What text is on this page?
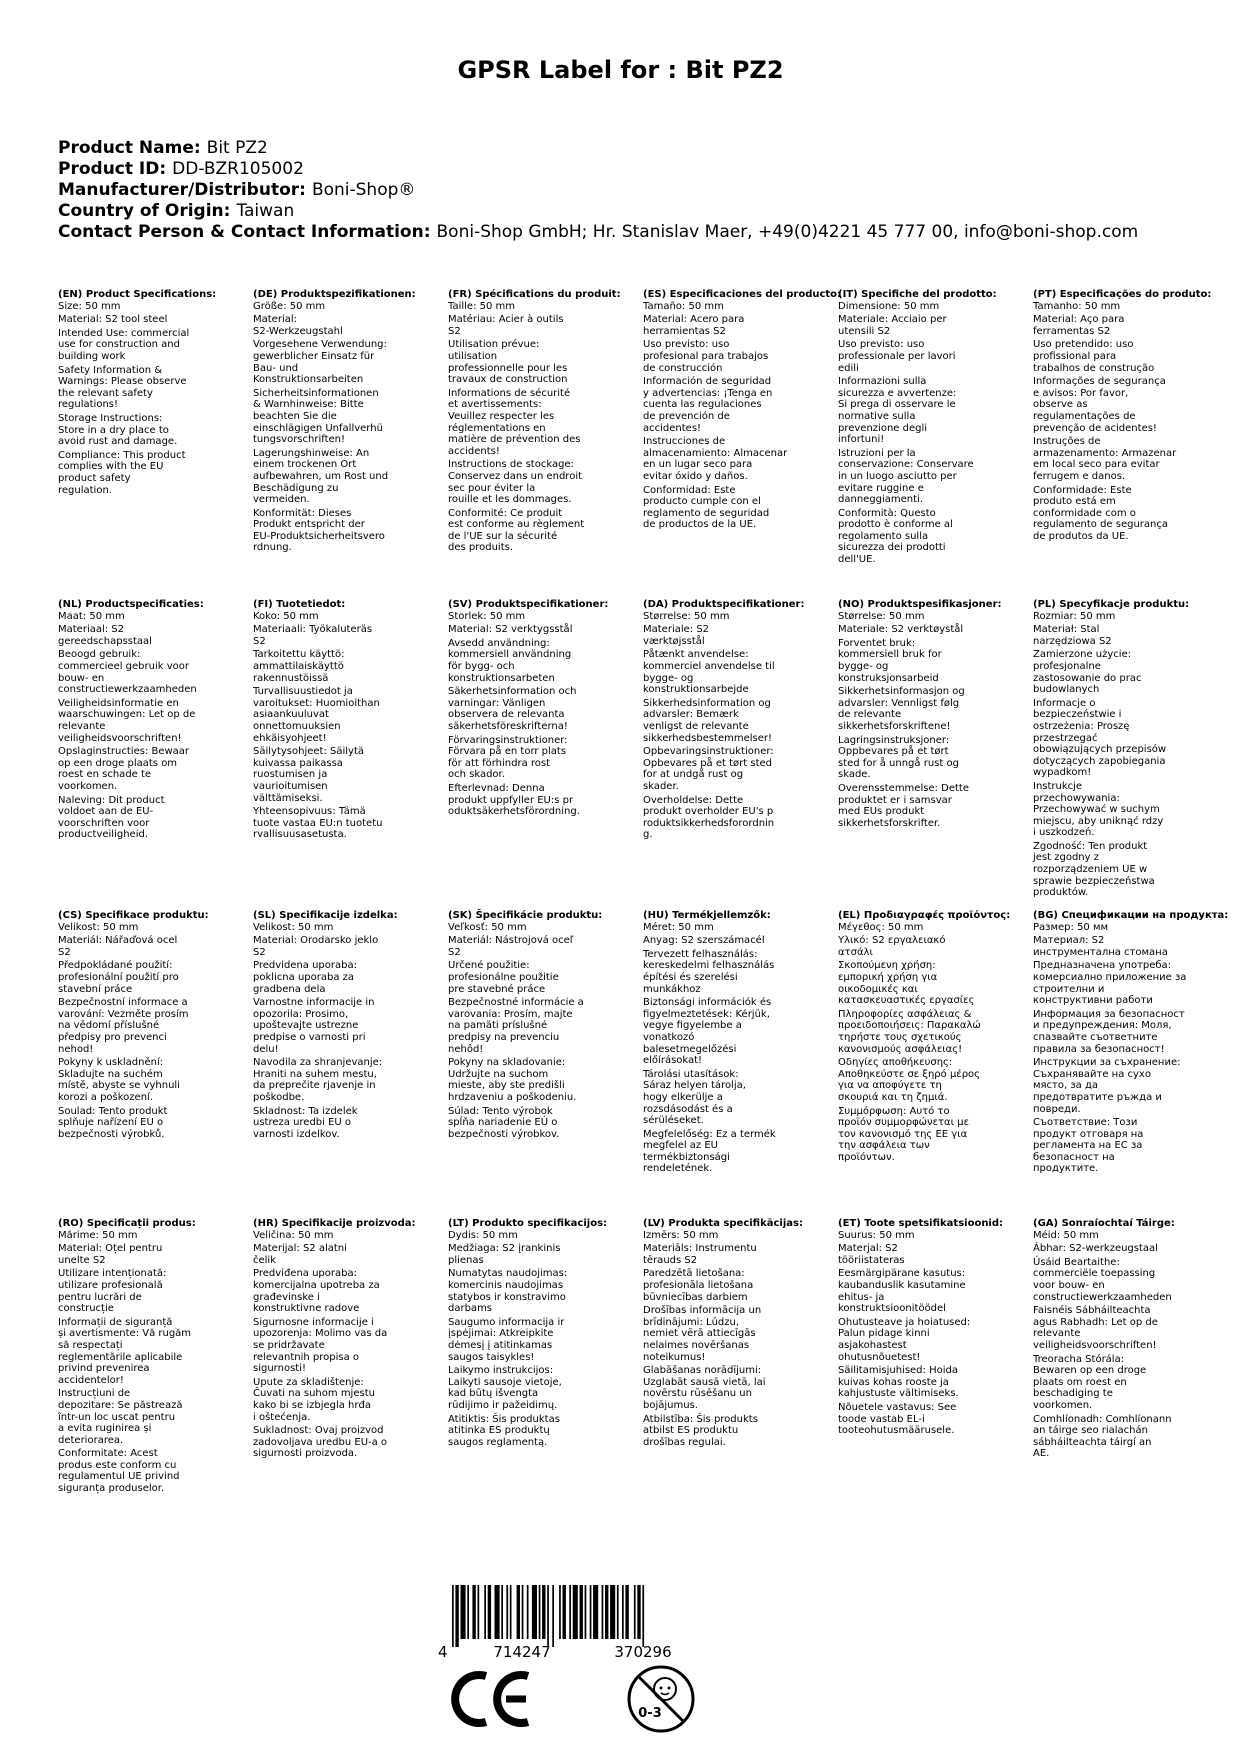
GPSR Label for : Bit PZ2
Product Name: Bit PZ2
Product ID: DD-BZR105002
Manufacturer/Distributor: Boni-Shop®
Country of Origin: Taiwan
Contact Person & Contact Information: Boni-Shop GmbH; Hr. Stanislav Maer, +49(0)4221 45 777 00, info@boni-shop.com
(EN) Product Specifications:
Size: 50 mm
Material: S2 tool steel
Intended Use: commercial
use for construction and
building work
Safety Information &
Warnings: Please observe
the relevant safety
regulations!
Storage Instructions:
Store in a dry place to
avoid rust and damage.
Compliance: This product
complies with the EU
product safety
regulation.
(DE) Produktspezifikationen:
Größe: 50 mm
Material:
S2-Werkzeugstahl
Vorgesehene Verwendung:
gewerblicher Einsatz für
Bau- und
Konstruktionsarbeiten
Sicherheitsinformationen
& Warnhinweise: Bitte
beachten Sie die
einschlägigen Unfallverhü
tungsvorschriften!
Lagerungshinweise: An
einem trockenen Ort
aufbewahren, um Rost und
Beschädigung zu
vermeiden.
Konformität: Dieses
Produkt entspricht der
EU-Produktsicherheitsvero
rdnung.
(FR) Spécifications du produit:
Taille: 50 mm
Matériau: Acier à outils
S2
Utilisation prévue:
utilisation
professionnelle pour les
travaux de construction
Informations de sécurité
et avertissements:
Veuillez respecter les
réglementations en
matière de prévention des
accidents!
Instructions de stockage:
Conservez dans un endroit
sec pour éviter la
rouille et les dommages.
Conformité: Ce produit
est conforme au règlement
de l'UE sur la sécurité
des produits.
(ES) Especificaciones del producto:
Tamaño: 50 mm
Material: Acero para
herramientas S2
Uso previsto: uso
profesional para trabajos
de construcción
Información de seguridad
y advertencias: ¡Tenga en
cuenta las regulaciones
de prevención de
accidentes!
Instrucciones de
almacenamiento: Almacenar
en un lugar seco para
evitar óxido y daños.
Conformidad: Este
producto cumple con el
reglamento de seguridad
de productos de la UE.
(IT) Specifiche del prodotto:
Dimensione: 50 mm
Materiale: Acciaio per
utensili S2
Uso previsto: uso
professionale per lavori
edili
Informazioni sulla
sicurezza e avvertenze:
Si prega di osservare le
normative sulla
prevenzione degli
infortuni!
Istruzioni per la
conservazione: Conservare
in un luogo asciutto per
evitare ruggine e
danneggiamenti.
Conformità: Questo
prodotto è conforme al
regolamento sulla
sicurezza dei prodotti
dell'UE.
(PT) Especificações do produto:
Tamanho: 50 mm
Material: Aço para
ferramentas S2
Uso pretendido: uso
profissional para
trabalhos de construção
Informações de segurança
e avisos: Por favor,
observe as
regulamentações de
prevenção de acidentes!
Instruções de
armazenamento: Armazenar
em local seco para evitar
ferrugem e danos.
Conformidade: Este
produto está em
conformidade com o
regulamento de segurança
de produtos da UE.
(NL) Productspecificaties:
Maat: 50 mm
Materiaal: S2
gereedschapsstaal
Beoogd gebruik:
commercieel gebruik voor
bouw- en
constructiewerkzaamheden
Veiligheidsinformatie en
waarschuwingen: Let op de
relevante
veiligheidsvoorschriften!
Opslaginstructies: Bewaar
op een droge plaats om
roest en schade te
voorkomen.
Naleving: Dit product
voldoet aan de EU-
voorschriften voor
productveiligheid.
(FI) Tuotetiedot:
Koko: 50 mm
Materiaali: Työkaluteräs
S2
Tarkoitettu käyttö:
ammattilaiskäyttö
rakennustöissä
Turvallisuustiedot ja
varoitukset: Huomioithan
asiaankuuluvat
onnettomuuksien
ehkäisyohjeet!
Säilytysohjeet: Säilytä
kuivassa paikassa
ruostumisen ja
vaurioitumisen
välttämiseksi.
Yhteensopivuus: Tämä
tuote vastaa EU:n tuotetu
rvallisuusasetusta.
(SV) Produktspecifikationer:
Storlek: 50 mm
Material: S2 verktygsstål
Avsedd användning:
kommersiell användning
för bygg- och
konstruktionsarbeten
Säkerhetsinformation och
varningar: Vänligen
observera de relevanta
säkerhetsföreskrifterna!
Förvaringsinstruktioner:
Förvara på en torr plats
för att förhindra rost
och skador.
Efterlevnad: Denna
produkt uppfyller EU:s pr
oduktsäkerhetsförordning.
(DA) Produktspecifikationer:
Størrelse: 50 mm
Materiale: S2
værktøjsstål
Påtænkt anvendelse:
kommerciel anvendelse til
bygge- og
konstruktionsarbejde
Sikkerhedsinformation og
advarsler: Bemærk
venligst de relevante
sikkerhedsbestemmelser!
Opbevaringsinstruktioner:
Opbevares på et tørt sted
for at undgå rust og
skader.
Overholdelse: Dette
produkt overholder EU's p
roduktsikkerhedsforordnin
g.
(NO) Produktspesifikasjoner:
Størrelse: 50 mm
Materiale: S2 verktøystål
Forventet bruk:
kommersiell bruk for
bygge- og
konstruksjonsarbeid
Sikkerhetsinformasjon og
advarsler: Vennligst følg
de relevante
sikkerhetsforskriftene!
Lagringsinstruksjoner:
Oppbevares på et tørt
sted for å unngå rust og
skade.
Overensstemmelse: Dette
produktet er i samsvar
med EUs produkt
sikkerhetsforskrifter.
(PL) Specyfikacje produktu:
Rozmiar: 50 mm
Materiał: Stal
narzędziowa S2
Zamierzone użycie:
profesjonalne
zastosowanie do prac
budowlanych
Informacje o
bezpieczeństwie i
ostrzeżenia: Proszę
przestrzegać
obowiązujących przepisów
dotyczących zapobiegania
wypadkom!
Instrukcje
przechowywania:
Przechowywać w suchym
miejscu, aby uniknąć rdzy
i uszkodzeń.
Zgodność: Ten produkt
jest zgodny z
rozporządzeniem UE w
sprawie bezpieczeństwa
produktów.
(CS) Specifikace produktu:
Velikost: 50 mm
Materiál: Nářaďová ocel
S2
Předpokládané použití:
profesionální použití pro
stavební práce
Bezpečnostní informace a
varování: Vezměte prosím
na vědomí příslušné
předpisy pro prevenci
nehod!
Pokyny k uskladnění:
Skladujte na suchém
místě, abyste se vyhnuli
korozi a poškození.
Soulad: Tento produkt
splňuje nařízení EU o
bezpečnosti výrobků.
(SL) Specifikacije izdelka:
Velikost: 50 mm
Material: Orodarsko jeklo
S2
Predvidena uporaba:
poklicna uporaba za
gradbena dela
Varnostne informacije in
opozorila: Prosimo,
upoštevajte ustrezne
predpise o varnosti pri
delu!
Navodila za shranjevanje:
Hraniti na suhem mestu,
da preprečite rjavenje in
poškodbe.
Skladnost: Ta izdelek
ustreza uredbi EU o
varnosti izdelkov.
(SK) Špecifikácie produktu:
Veľkosť: 50 mm
Materiál: Nástrojová oceľ
S2
Určené použitie:
profesionálne použitie
pre stavebné práce
Bezpečnostné informácie a
varovania: Prosím, majte
na pamäti príslušné
predpisy na prevenciu
nehôd!
Pokyny na skladovanie:
Udržujte na suchom
mieste, aby ste predišli
hrdzaveniu a poškodeniu.
Súlad: Tento výrobok
spĺňa nariadenie EÚ o
bezpečnosti výrobkov.
(HU) Termékjellemzők:
Méret: 50 mm
Anyag: S2 szerszámacél
Tervezett felhasználás:
kereskedelmi felhasználás
építési és szerelési
munkákhoz
Biztonsági információk és
figyelmeztetések: Kérjük,
vegye figyelembe a
vonatkozó
balesetmegelőzési
előírásokat!
Tárolási utasítások:
Sáraz helyen tárolja,
hogy elkerülje a
rozsdásodást és a
sérüléseket.
Megfelelőség: Ez a termék
megfelel az EU
termékbiztonsági
rendeletének.
(EL) Προδιαγραφές προϊόντος:
Μέγεθος: 50 mm
Υλικό: S2 εργαλειακό
ατσάλι
Σκοπούμενη χρήση:
εμπορική χρήση για
οικοδομικές και
κατασκευαστικές εργασίες
Πληροφορίες ασφάλειας &
προειδοποιήσεις: Παρακαλώ
τηρήστε τους σχετικούς
κανονισμούς ασφάλειας!
Οδηγίες αποθήκευσης:
Αποθηκεύστε σε ξηρό μέρος
για να αποφύγετε τη
σκουριά και τη ζημιά.
Συμμόρφωση: Αυτό το
προϊόν συμμορφώνεται με
τον κανονισμό της ΕΕ για
την ασφάλεια των
προϊόντων.
(BG) Спецификации на продукта:
Размер: 50 мм
Материал: S2
инструментална стомана
Предназначена употреба:
комерсиално приложение за
строителни и
конструктивни работи
Информация за безопасност
и предупреждения: Моля,
спазвайте съответните
правила за безопасност!
Инструкции за съхранение:
Съхранявайте на сухо
място, за да
предотвратите ръжда и
повреди.
Съответствие: Този
продукт отговаря на
регламента на ЕС за
безопасност на
продуктите.
(RO) Specificații produs:
Mărime: 50 mm
Material: Oțel pentru
unelte S2
Utilizare intenționată:
utilizare profesională
pentru lucrări de
construcție
Informații de siguranță
și avertismente: Vă rugăm
să respectați
reglementările aplicabile
privind prevenirea
accidentelor!
Instrucțiuni de
depozitare: Se păstrează
într-un loc uscat pentru
a evita ruginirea și
deteriorarea.
Conformitate: Acest
produs este conform cu
regulamentul UE privind
siguranța produselor.
(HR) Specifikacije proizvoda:
Veličina: 50 mm
Materijal: S2 alatni
čelik
Predviđena uporaba:
komercijalna upotreba za
građevinske i
konstruktivne radove
Sigurnosne informacije i
upozorenja: Molimo vas da
se pridržavate
relevantnih propisa o
sigurnosti!
Upute za skladištenje:
Čuvati na suhom mjestu
kako bi se izbjegla hrđa
i oštećenja.
Sukladnost: Ovaj proizvod
zadovoljava uredbu EU-a o
sigurnosti proizvoda.
(LT) Produkto specifikacijos:
Dydis: 50 mm
Medžiaga: S2 įrankinis
plienas
Numatytas naudojimas:
komercinis naudojimas
statybos ir konstravimo
darbams
Saugumo informacija ir
įspėjimai: Atkreipkite
dėmesį į atitinkamas
saugos taisykles!
Laikymo instrukcijos:
Laikyti sausoje vietoje,
kad būtų išvengta
rūdijimo ir pažeidimų.
Atitiktis: Šis produktas
atitinka ES produktų
saugos reglamentą.
(LV) Produkta specifikācijas:
Izmērs: 50 mm
Materiāls: Instrumentu
tērauds S2
Paredzētā lietošana:
profesionāla lietošana
būvniecības darbiem
Drošības informācija un
brīdinājumi: Lūdzu,
nemiet vērā attiecīgās
nelaimes novēršanas
noteikumus!
Glabāšanas norādījumi:
Uzglabāt sausā vietā, lai
novērstu rūsēšanu un
bojājumus.
Atbilstība: Šis produkts
atbilst ES produktu
drošības regulai.
(ET) Toote spetsifikatsioonid:
Suurus: 50 mm
Materjal: S2
tööriistateras
Eesmärgipärane kasutus:
kaubanduslik kasutamine
ehitus- ja
konstruktsioonitöödel
Ohutusteave ja hoiatused:
Palun pidage kinni
asjakohastest
ohutusnõuetest!
Säilitamisjuhised: Hoida
kuivas kohas rooste ja
kahjustuste vältimiseks.
Nõuetele vastavus: See
toode vastab EL-i
tooteohutusmäärusele.
(GA) Sonraíochtaí Táirge:
Méid: 50 mm
Ábhar: S2-werkzeugstaal
Úsáid Beartaithe:
commerciële toepassing
voor bouw- en
constructiewerkzaamheden
Faisnéis Sábháilteachta
agus Rabhadh: Let op de
relevante
veiligheidsvoorschriften!
Treoracha Stórála:
Bewaren op een droge
plaats om roest en
beschadiging te
voorkomen.
Comhlíonadh: Comhlíonann
an táirge seo rialachán
sábháilteachta táirgí an
AE.
4	714247	370296
0-3
